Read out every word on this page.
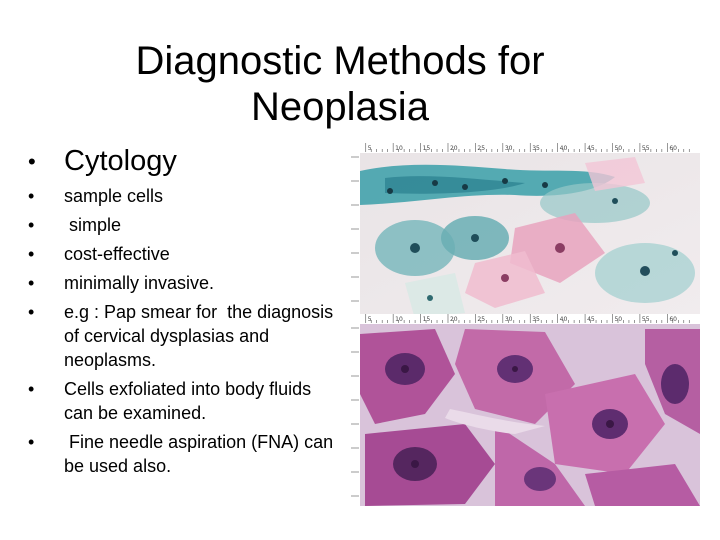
Diagnostic Methods for
Neoplasia
• Cytology
•	sample cells
•	simple
•	cost-effective
•	minimally invasive.
•	e.g : Pap smear for  the diagnosis of cervical dysplasias and neoplasms.
•	Cells exfoliated into body fluids can be examined.
•	Fine needle aspiration (FNA) can be used also.
5	10	15	20	25	30	35	40	45	50	55	60
5	10	15	20	25	30	35	40	45	50	55	60
